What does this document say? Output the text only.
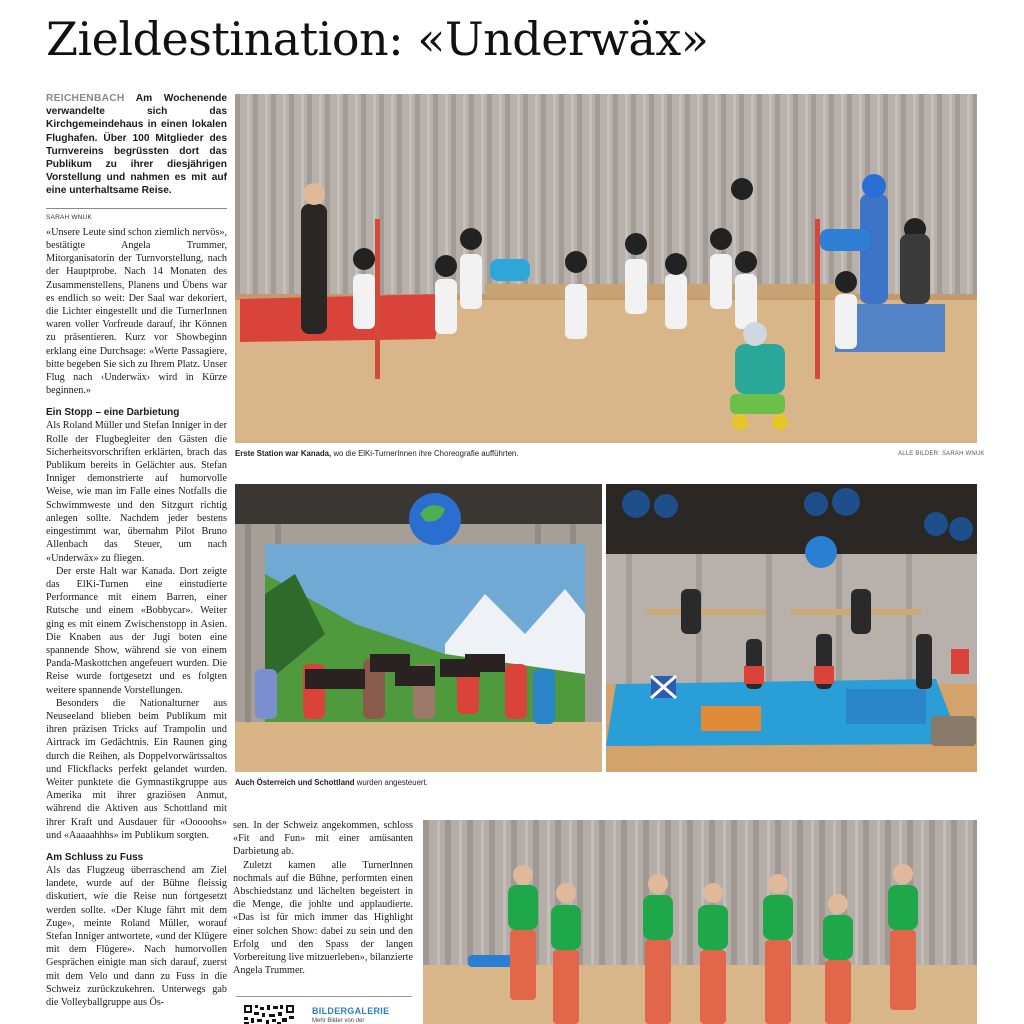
Zieldestination: «Underwäx»

REICHENBACH Am Wochenende verwandelte sich das Kirchgemeindehaus in einen lokalen Flughafen. Über 100 Mitglieder des Turnvereins begrüssten dort das Publikum zu ihrer diesjährigen Vorstellung und nahmen es mit auf eine unterhaltsame Reise.

SARAH WNUK

«Unsere Leute sind schon ziemlich nervös», bestätigte Angela Trummer, Mitorganisatorin der Turnvorstellung, nach der Hauptprobe. Nach 14 Monaten des Zusammenstellens, Planens und Übens war es endlich so weit: Der Saal war dekoriert, die Lichter eingestellt und die TurnerInnen waren voller Vorfreude darauf, ihr Können zu präsentieren. Kurz vor Showbeginn erklang eine Durchsage: «Werte Passagiere, bitte begeben Sie sich zu Ihrem Platz. Unser Flug nach ‹Underwäx› wird in Kürze beginnen.»

Ein Stopp – eine Darbietung

Als Roland Müller und Stefan Inniger in der Rolle der Flugbegleiter den Gästen die Sicherheitsvorschriften erklärten, brach das Publikum bereits in Gelächter aus. Stefan Inniger demonstrierte auf humorvolle Weise, wie man im Falle eines Notfalls die Schwimmweste und den Sitzgurt richtig anlegen sollte. Nachdem jeder bestens eingestimmt war, übernahm Pilot Bruno Allenbach das Steuer, um nach «Underwäx» zu fliegen.

Der erste Halt war Kanada. Dort zeigte das ElKi-Turnen eine einstudierte Performance mit einem Barren, einer Rutsche und einem «Bobbycar». Weiter ging es mit einem Zwischenstopp in Asien. Die Knaben aus der Jugi boten eine spannende Show, während sie von einem Panda-Maskottchen angefeuert wurden. Die Reise wurde fortgesetzt und es folgten weitere spannende Vorstellungen.

Besonders die Nationalturner aus Neuseeland blieben beim Publikum mit ihren präzisen Tricks auf Trampolin und Airtrack im Gedächtnis. Ein Raunen ging durch die Reihen, als Doppelvorwärtssaltos und Flickflacks perfekt gelandet wurden. Weiter punktete die Gymnastikgruppe aus Amerika mit ihrer graziösen Anmut, während die Aktiven aus Schottland mit ihrer Kraft und Ausdauer für «Ooooohs» und «Aaaaahhhs» im Publikum sorgten.

Am Schluss zu Fuss

Als das Flugzeug überraschend am Ziel landete, wurde auf der Bühne fleissig diskutiert, wie die Reise nun fortgesetzt werden sollte. «Der Kluge fährt mit dem Zuge», meinte Roland Müller, worauf Stefan Inniger antwortete, «und der Klügere mit dem Flügere». Nach humorvollen Gesprächen einigte man sich darauf, zuerst mit dem Velo und dann zu Fuss in die Schweiz zurückzukehren. Unterwegs gab die Volleyballgruppe aus Ös-

sen. In der Schweiz angekommen, schloss «Fit and Fun» mit einer amüsanten Darbietung ab.

Zuletzt kamen alle TurnerInnen nochmals auf die Bühne, performten einen Abschiedstanz und lächelten begeistert in die Menge, die johlte und applaudierte. «Das ist für mich immer das Highlight einer solchen Show: dabei zu sein und den Erfolg und den Spass der langen Vorbereitung live mitzuerleben», bilanzierte Angela Trummer.

Erste Station war Kanada, wo die ElKi-TurnerInnen ihre Choreografie aufführten.	ALLE BILDER: SARAH WNUK
Auch Österreich und Schottland wurden angesteuert.
BILDERGALERIE
Mehr Bilder von der
